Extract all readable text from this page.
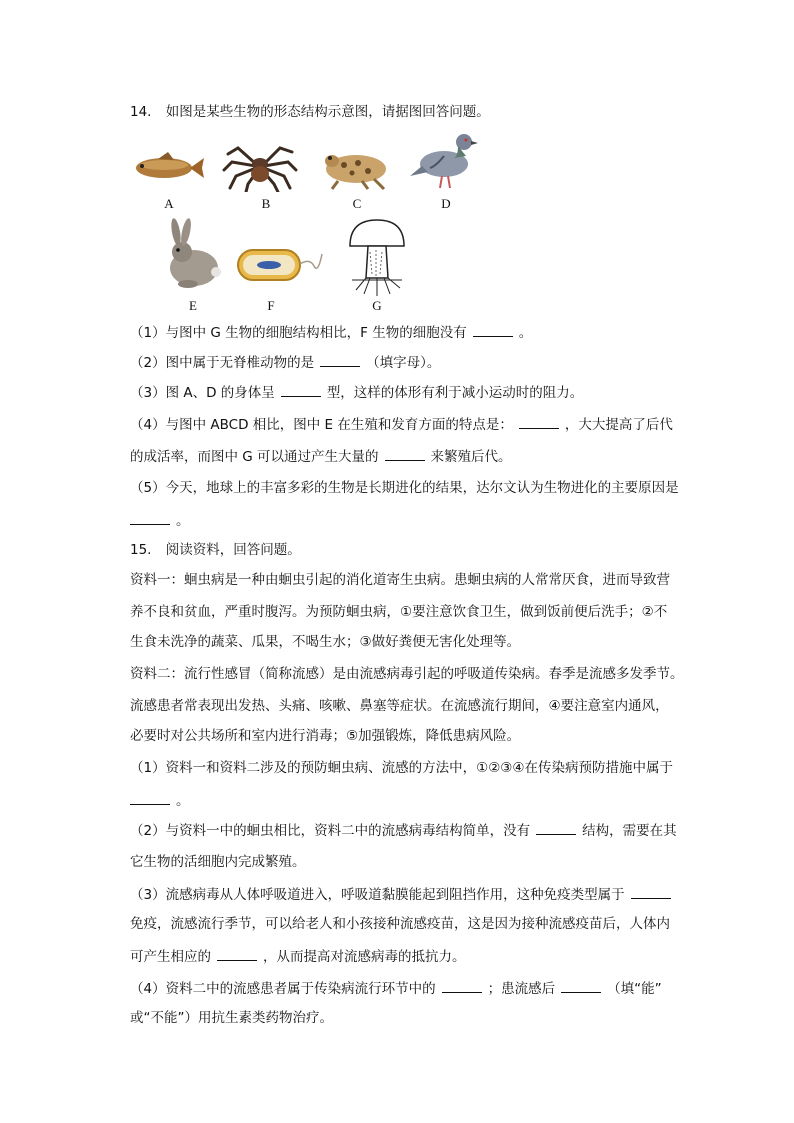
14. 如图是某些生物的形态结构示意图，请据图回答问题。
A	B	C	D
E	F	G
（1）与图中 G 生物的细胞结构相比，F 生物的细胞没有	。
（2）图中属于无脊椎动物的是	（填字母）。
（3）图 A、D 的身体呈	型，这样的体形有利于减小运动时的阻力。
（4）与图中 ABCD 相比，图中 E 在生殖和发育方面的特点是：	，大大提高了后代
的成活率，而图中 G 可以通过产生大量的	来繁殖后代。
（5）今天，地球上的丰富多彩的生物是长期进化的结果，达尔文认为生物进化的主要原因是
。
15. 阅读资料，回答问题。
资料一：蛔虫病是一种由蛔虫引起的消化道寄生虫病。患蛔虫病的人常常厌食，进而导致营
养不良和贫血，严重时腹泻。为预防蛔虫病，①要注意饮食卫生，做到饭前便后洗手；②不
生食未洗净的蔬菜、瓜果，不喝生水；③做好粪便无害化处理等。
资料二：流行性感冒（简称流感）是由流感病毒引起的呼吸道传染病。春季是流感多发季节。
流感患者常表现出发热、头痛、咳嗽、鼻塞等症状。在流感流行期间，④要注意室内通风，
必要时对公共场所和室内进行消毒；⑤加强锻炼，降低患病风险。
（1）资料一和资料二涉及的预防蛔虫病、流感的方法中，①②③④在传染病预防措施中属于
。
（2）与资料一中的蛔虫相比，资料二中的流感病毒结构简单，没有	结构，需要在其
它生物的活细胞内完成繁殖。
（3）流感病毒从人体呼吸道进入，呼吸道黏膜能起到阻挡作用，这种免疫类型属于
免疫，流感流行季节，可以给老人和小孩接种流感疫苗，这是因为接种流感疫苗后，人体内
可产生相应的	，从而提高对流感病毒的抵抗力。
（4）资料二中的流感患者属于传染病流行环节中的	；患流感后	（填“能”
或“不能”）用抗生素类药物治疗。
